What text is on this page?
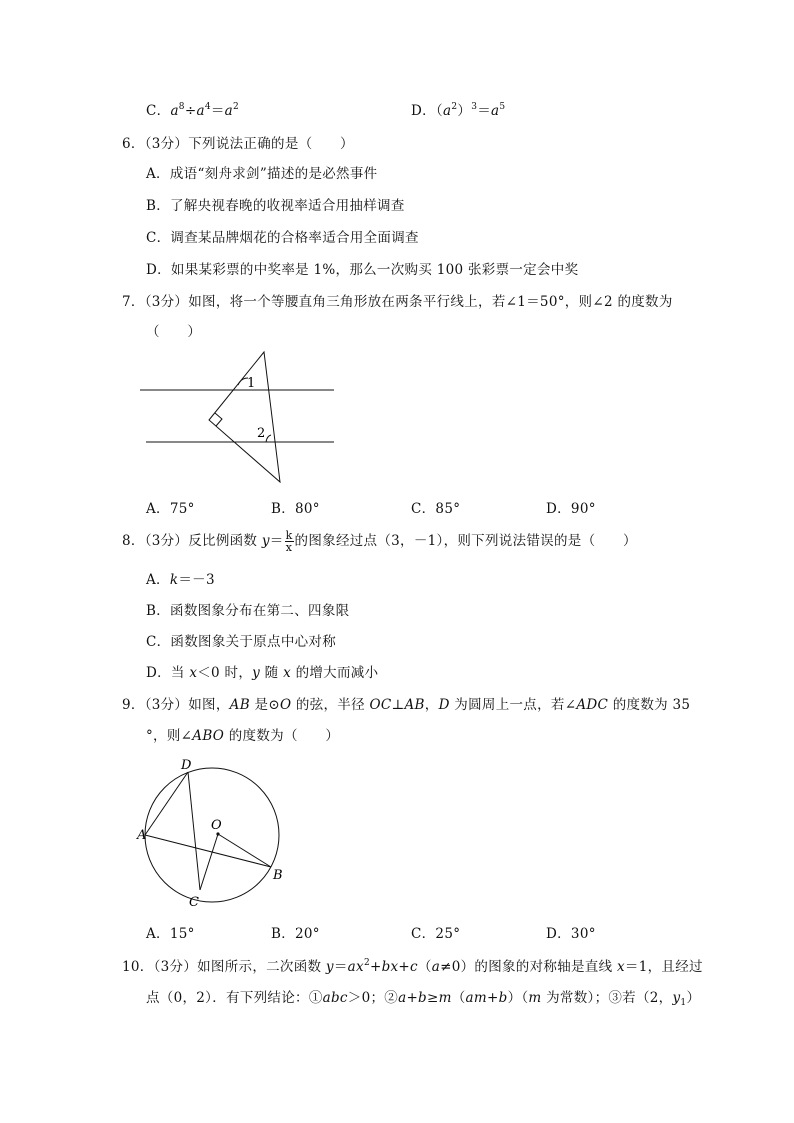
C．$a^8\div a^4=a^2$	D．$(a^2)^3=a^5$
6．（3分）下列说法正确的是（　　）
A．成语“刻舟求剑”描述的是必然事件
B．了解央视春晚的收视率适合用抽样调查
C．调查某品牌烟花的合格率适合用全面调查
D．如果某彩票的中奖率是 1%，那么一次购买 100 张彩票一定会中奖
7．（3分）如图，将一个等腰直角三角形放在两条平行线上，若∠1＝50°，则∠2 的度数为
（　　）
1
2
A．75°	B．80°	C．85°	D．90°
8．（3分）反比例函数 $y= \frac{k}{x}$ 的图象经过点（3，－1），则下列说法错误的是（　　）
A．k＝－3
B．函数图象分布在第二、四象限
C．函数图象关于原点中心对称
D．当 x＜0 时，y 随 x 的增大而减小
9．（3分）如图，AB 是⊙O 的弦，半径 OC⊥AB，D 为圆周上一点，若∠ADC 的度数为 35
°，则∠ABO 的度数为（　　）
D
O
A
B
C
A．15°	B．20°	C．25°	D．30°
10．（3分）如图所示，二次函数 $y=ax^2+bx+c(a\ne 0)$的图象的对称轴是直线 x＝1，且经过
点（0，2）．有下列结论：①abc＞0；②a+b≥m（am+b）（m 为常数）；③若（2，$y_1$）
